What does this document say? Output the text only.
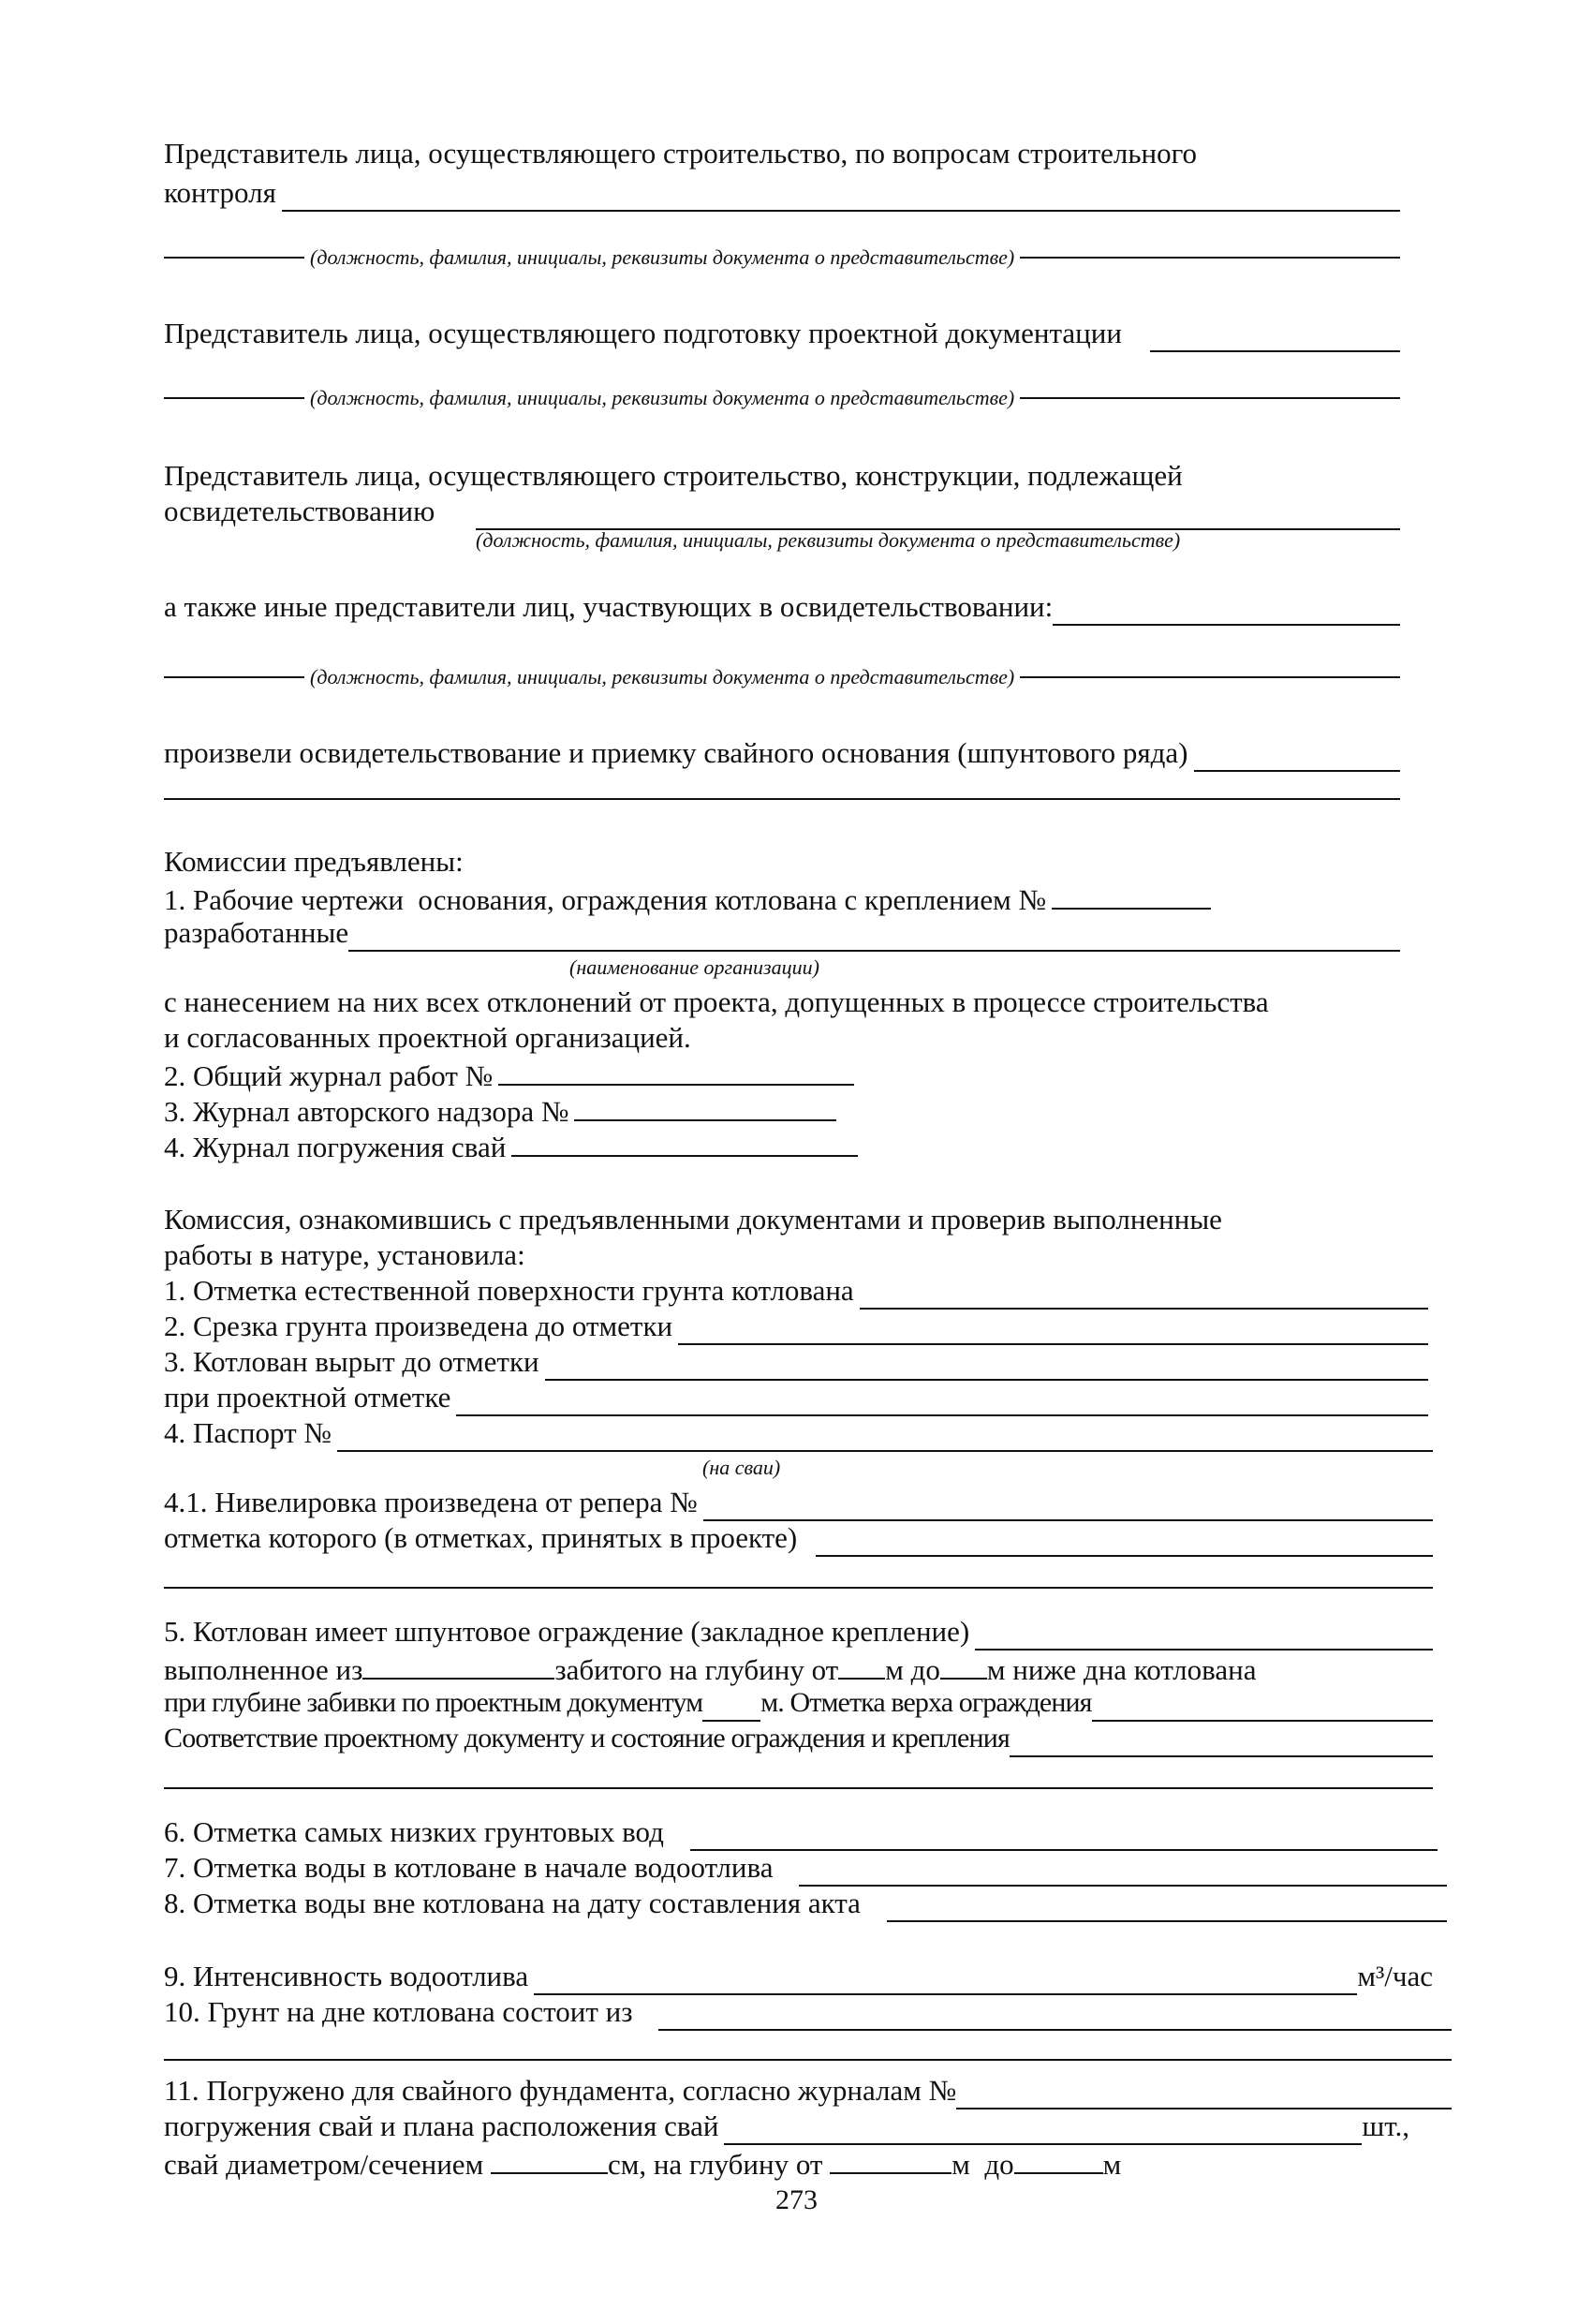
Представитель лица, осуществляющего строительство, по вопросам строительного
контроля
(должность, фамилия, инициалы, реквизиты документа о представительстве)
Представитель лица, осуществляющего подготовку проектной документации
(должность, фамилия, инициалы, реквизиты документа о представительстве)
Представитель лица, осуществляющего строительство, конструкции, подлежащей
освидетельствованию
(должность, фамилия, инициалы, реквизиты документа о представительстве)
а также иные представители лиц, участвующих в освидетельствовании:
(должность, фамилия, инициалы, реквизиты документа о представительстве)
произвели освидетельствование и приемку свайного основания (шпунтового ряда)
Комиссии предъявлены:
1. Рабочие чертежи  основания, ограждения котлована с креплением №
разработанные
(наименование организации)
с нанесением на них всех отклонений от проекта, допущенных в процессе строительства
и согласованных проектной организацией.
2. Общий журнал работ №
3. Журнал авторского надзора №
4. Журнал погружения свай
Комиссия, ознакомившись с предъявленными документами и проверив выполненные
работы в натуре, установила:
1. Отметка естественной поверхности грунта котлована
2. Срезка грунта произведена до отметки
3. Котлован вырыт до отметки
при проектной отметке
4. Паспорт №
(на сваи)
4.1. Нивелировка произведена от репера №
отметка которого (в отметках, принятых в проекте)
5. Котлован имеет шпунтовое ограждение (закладное крепление)
выполненное из	забитого на глубину от м до м ниже дна котлована
при глубине забивки по проектным документум м. Отметка верха ограждения
Соответствие проектному документу и состояние ограждения и крепления
6. Отметка самых низких грунтовых вод
7. Отметка воды в котловане в начале водоотлива
8. Отметка воды вне котлована на дату составления акта
9. Интенсивность водоотлива	м³/час
10. Грунт на дне котлована состоит из
11. Погружено для свайного фундамента, согласно журналам №
погружения свай и плана расположения свай	шт.,
свай диаметром/сечением	см, на глубину от	м  до	м
273
